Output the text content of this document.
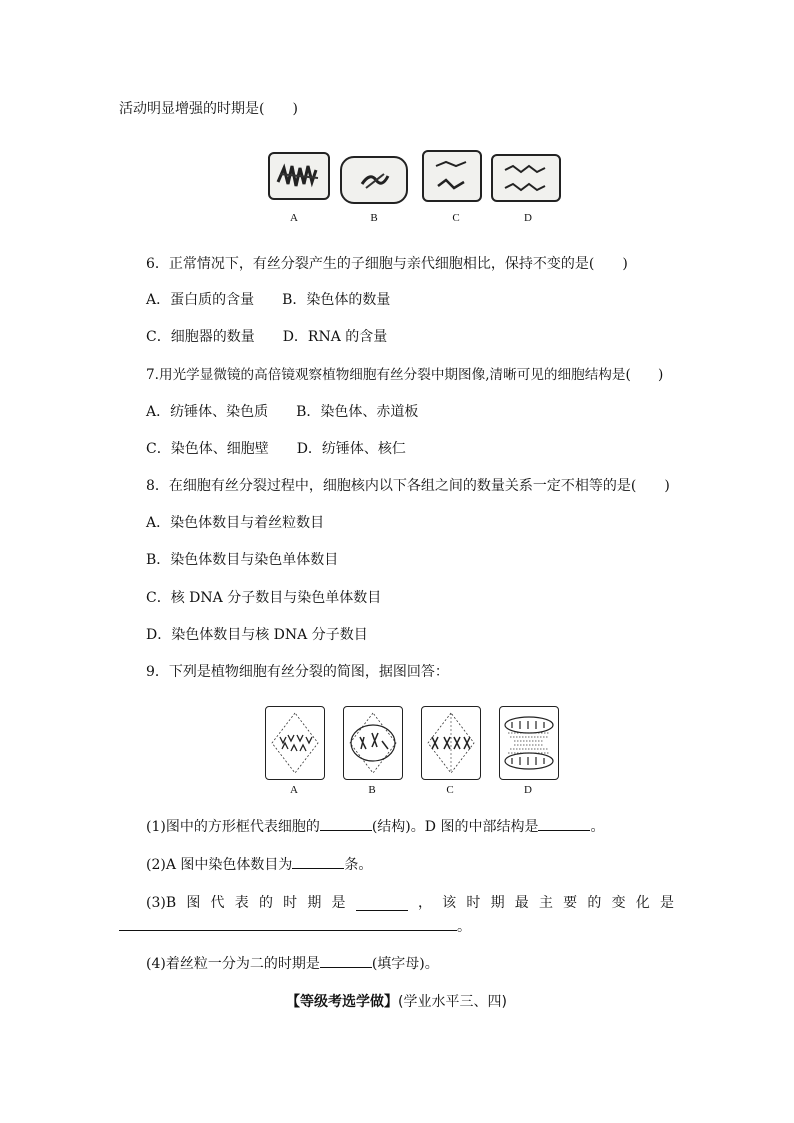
活动明显增强的时期是(　　)
A	B	C	D
6．正常情况下，有丝分裂产生的子细胞与亲代细胞相比，保持不变的是(　　)
A．蛋白质的含量　　B．染色体的数量
C．细胞器的数量　　D．RNA 的含量
7.用光学显微镜的高倍镜观察植物细胞有丝分裂中期图像,清晰可见的细胞结构是(　　)
A．纺锤体、染色质　　B．染色体、赤道板
C．染色体、细胞壁　　D．纺锤体、核仁
8．在细胞有丝分裂过程中，细胞核内以下各组之间的数量关系一定不相等的是(　　)
A．染色体数目与着丝粒数目
B．染色体数目与染色单体数目
C．核 DNA 分子数目与染色单体数目
D．染色体数目与核 DNA 分子数目
9．下列是植物细胞有丝分裂的简图，据图回答：
A	B	C	D
(1)图中的方形框代表细胞的	(结构)。D 图的中部结构是	。
(2)A 图中染色体数目为	条。
(3)B 图 代 表 的 时 期 是	， 该 时 期 最 主 要 的 变 化 是
。
(4)着丝粒一分为二的时期是	(填字母)。
【等级考选学做】(学业水平三、四)
